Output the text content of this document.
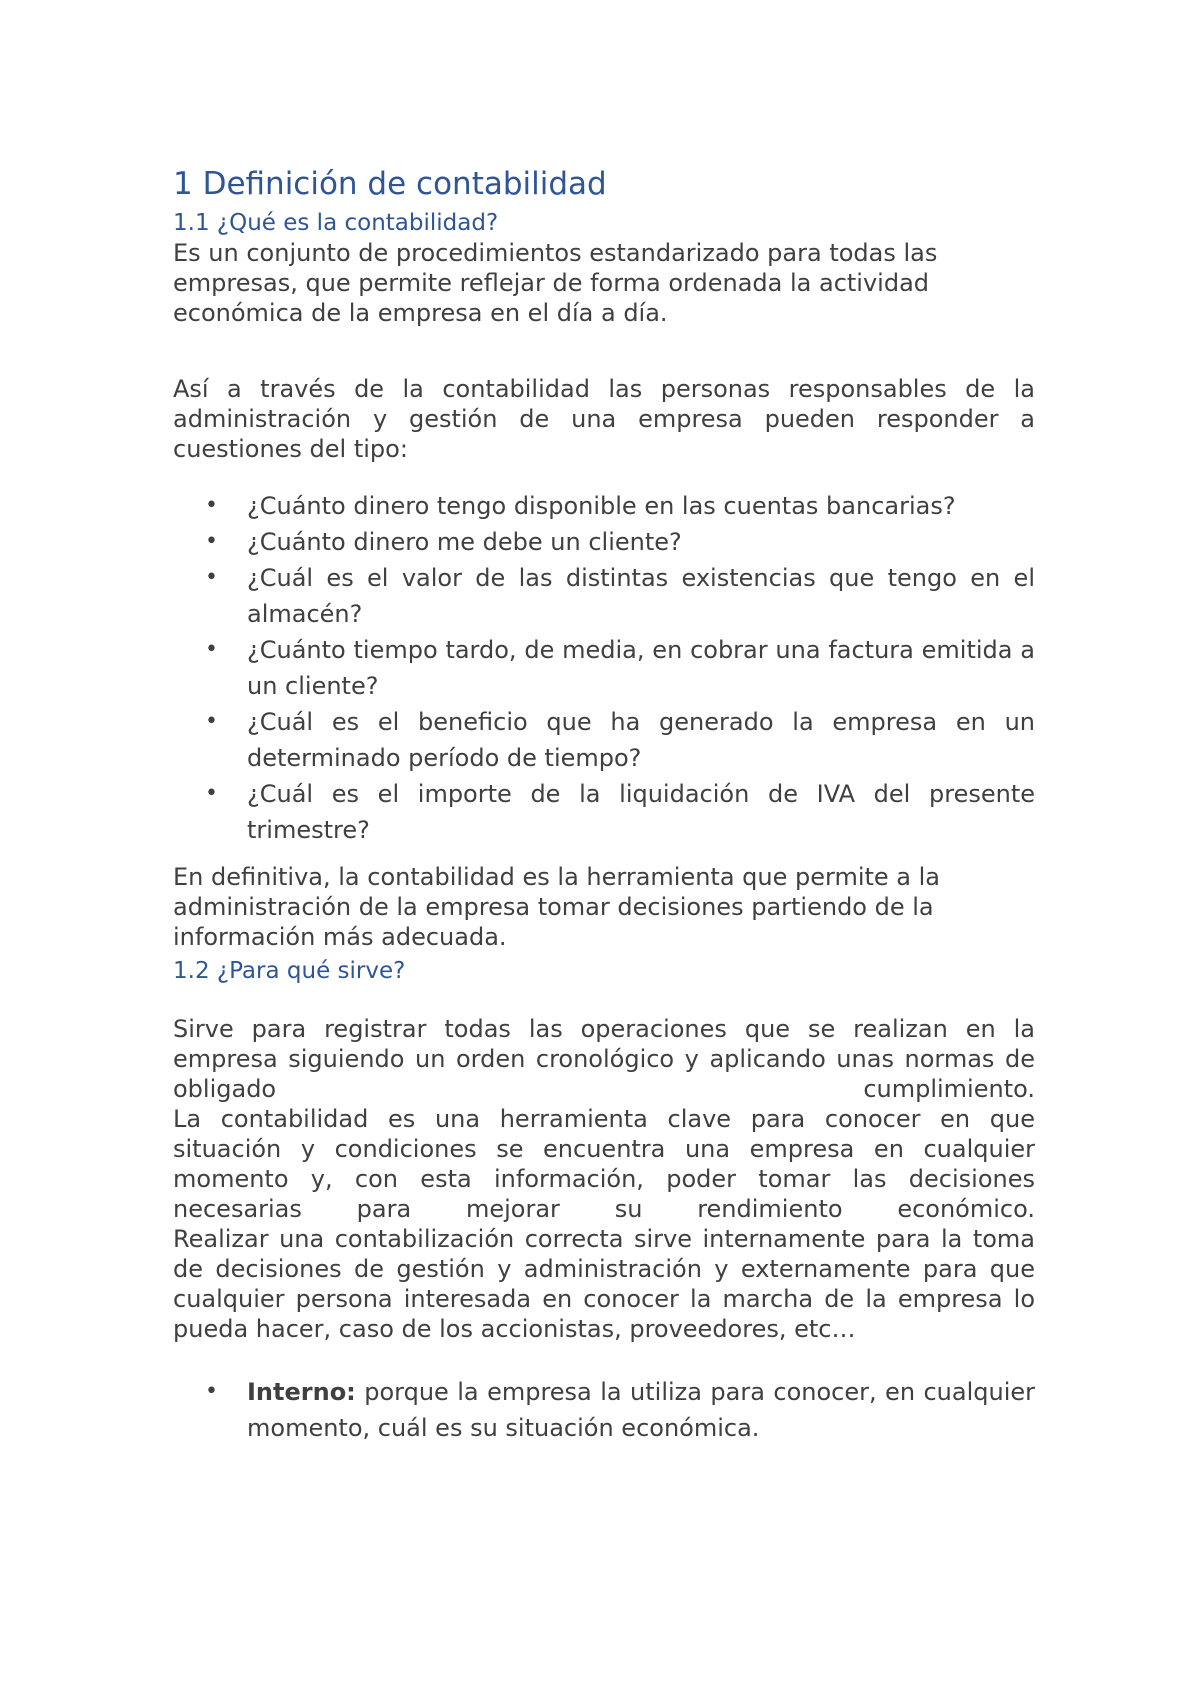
1 Definición de contabilidad
1.1 ¿Qué es la contabilidad?

Es un conjunto de procedimientos estandarizado para todas las

empresas, que permite reflejar de forma ordenada la actividad

económica de la empresa en el día a día.

Así a través de la contabilidad las personas responsables de la administración y gestión de una empresa pueden responder a cuestiones del tipo:

• ¿Cuánto dinero tengo disponible en las cuentas bancarias?
• ¿Cuánto dinero me debe un cliente?
• ¿Cuál es el valor de las distintas existencias que tengo en el almacén?
• ¿Cuánto tiempo tardo, de media, en cobrar una factura emitida a un cliente?
• ¿Cuál es el beneficio que ha generado la empresa en un determinado período de tiempo?
• ¿Cuál es el importe de la liquidación de IVA del presente trimestre?

En definitiva, la contabilidad es la herramienta que permite a la

administración de la empresa tomar decisiones partiendo de la

información más adecuada.

1.2 ¿Para qué sirve?

Sirve para registrar todas las operaciones que se realizan en la empresa siguiendo un orden cronológico y aplicando unas normas de obligado cumplimiento.

La contabilidad es una herramienta clave para conocer en que situación y condiciones se encuentra una empresa en cualquier momento y, con esta información, poder tomar las decisiones necesarias para mejorar su rendimiento económico.

Realizar una contabilización correcta sirve internamente para la toma de decisiones de gestión y administración y externamente para que cualquier persona interesada en conocer la marcha de la empresa lo pueda hacer, caso de los accionistas, proveedores, etc…

• Interno: porque la empresa la utiliza para conocer, en cualquier momento, cuál es su situación económica.
